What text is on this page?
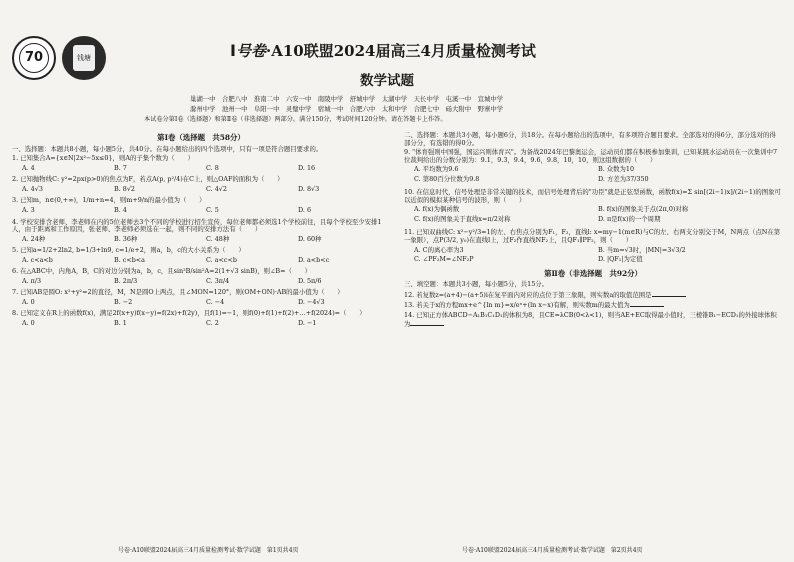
70	钱塘	I号卷·A10联盟2024届高三4月质量检测考试
数学试题
巢湖一中　合肥八中　淮南二中　六安一中　南陵中学　舒城中学　太湖中学　天长中学　屯溪一中　宣城中学
滁州中学　池州一中　阜阳一中　灵璧中学　宿城一中　合肥六中　太和中学　合肥七中　砀大附中　野寨中学
本试卷分第Ⅰ卷（选择题）和第Ⅱ卷（非选择题）两部分。满分150分，考试时间120分钟。请在答题卡上作答。
第Ⅰ卷（选择题　共58分）
一、选择题：本题共8小题，每小题5分，共40分。在每小题给出的四个选项中，只有一项是符合题目要求的。
1. 已知集合A={x∈N|2x²−5x≤0}，则A的子集个数为（　　）
A. 4	B. 7	C. 8	D. 16
2. 已知抛物线C: y²=2px(p>0)的焦点为F，若点A(p, p²/4)在C上，则△OAF的面积为（　　）
A. 4√3	B. 8√2	C. 4√2	D. 8√3
3. 已知m，n∈(0,+∞)，1/m+n=4，则m+9/n的最小值为（　　）
A. 3	B. 4	C. 5	D. 6
4. 学校安排含老师、李老师在内的5位老师去3个不同的学校进行招生宣传，每位老师都必须选1个学校前往，且每个学校至少安排1人，由于距离和工作原因，张老师、李老师必须选在一起，则不同的安排方法有（　　）
A. 24种	B. 36种	C. 48种	D. 60种
5. 已知a=1/2+2ln2, b=1/3+ln9, c=1/e+2，则a，b，c的大小关系为（　　）
A. c<a<b	B. c<b<a	C. a<c<b	D. a<b<c
6. 在△ABC中，内角A，B，C的对边分别为a，b，c，且sin²B/sin²A=2(1+√3 sinB)，则∠B=（　　）
A. π/3	B. 2π/3	C. 3π/4	D. 5π/6
7. 已知AB是圆O: x²+y²=2的直径，M，N是圆O上两点，且∠MON=120°，则(OM+ON)·AB的最小值为（　　）
A. 0	B. −2	C. −4	D. −4√3
8. 已知定义在R上的函数f(x)，满足2f(x+y)f(x−y)=f(2x)+f(2y)，且f(1)=−1，则f(0)+f(1)+f(2)+…+f(2024)=（　　）
A. 0	B. 1	C. 2	D. −1
二、选择题：本题共3小题，每小题6分，共18分。在每小题给出的选项中，有多项符合题目要求。全部选对的得6分，部分选对的得部分分，有选错的得0分。
9. "体育强则中国强，国运兴则体育兴"。为备战2024年巴黎奥运会，运动员们都在积极参加集训，已知某跳水运动员在一次集训中7位裁判给出的分数分别为：9.1，9.3，9.4，9.6，9.8，10，10，则这组数据的（　　）
A. 平均数为9.6	B. 众数为10
C. 第80百分位数为9.8	D. 方差为37/350
10. 在信息时代，信号处理是非常关键的技术，而信号处理背后的"功臣"就是正弦型函数，函数f(x)=Σ sin[(2i−1)x]/(2i−1)的图象可以近似的模拟某种信号的波形，则（　　）
A. f(x)为偶函数	B. f(x)的图象关于点(2π,0)对称
C. f(x)的图象关于直线x=π/2对称	D. π是f(x)的一个周期
11. 已知双曲线C: x²−y²/3=1的左、右焦点分别为F₁，F₂，直线l: x=my−1(m∈R)与C的左、右两支分别交于M，N两点（点N在第一象限），点P(3/2, y₀)在直线l上，过F₂作直线NF₂上，且QF₁∥PF₂，则（　　）
A. C的离心率为3	B. 当m=√3时，|MN|=3√3/2
C. ∠PF₂M=∠NF₂P	D. |QF₁|为定值
第Ⅱ卷（非选择题　共92分）
三、填空题：本题共3小题，每小题5分，共15分。
12. 若复数z=(a+4)−(a+5)i在复平面内对应的点位于第三象限，则实数a的取值范围是
13. 若关于x的方程mx+e^{ln m}=x/eˣ+(ln x−x)有解，则实数m的最大值为
14. 已知正方体ABCD−A₁B₁C₁D₁的体积为8，且CE=λCB(0<λ<1)，则当AE+EC取得最小值时，三棱锥B₁−ECD₁的外接球体积为
号卷·A10联盟2024届高三4月质量检测考试·数学试题　第1页共4页	号卷·A10联盟2024届高三4月质量检测考试·数学试题　第2页共4页
